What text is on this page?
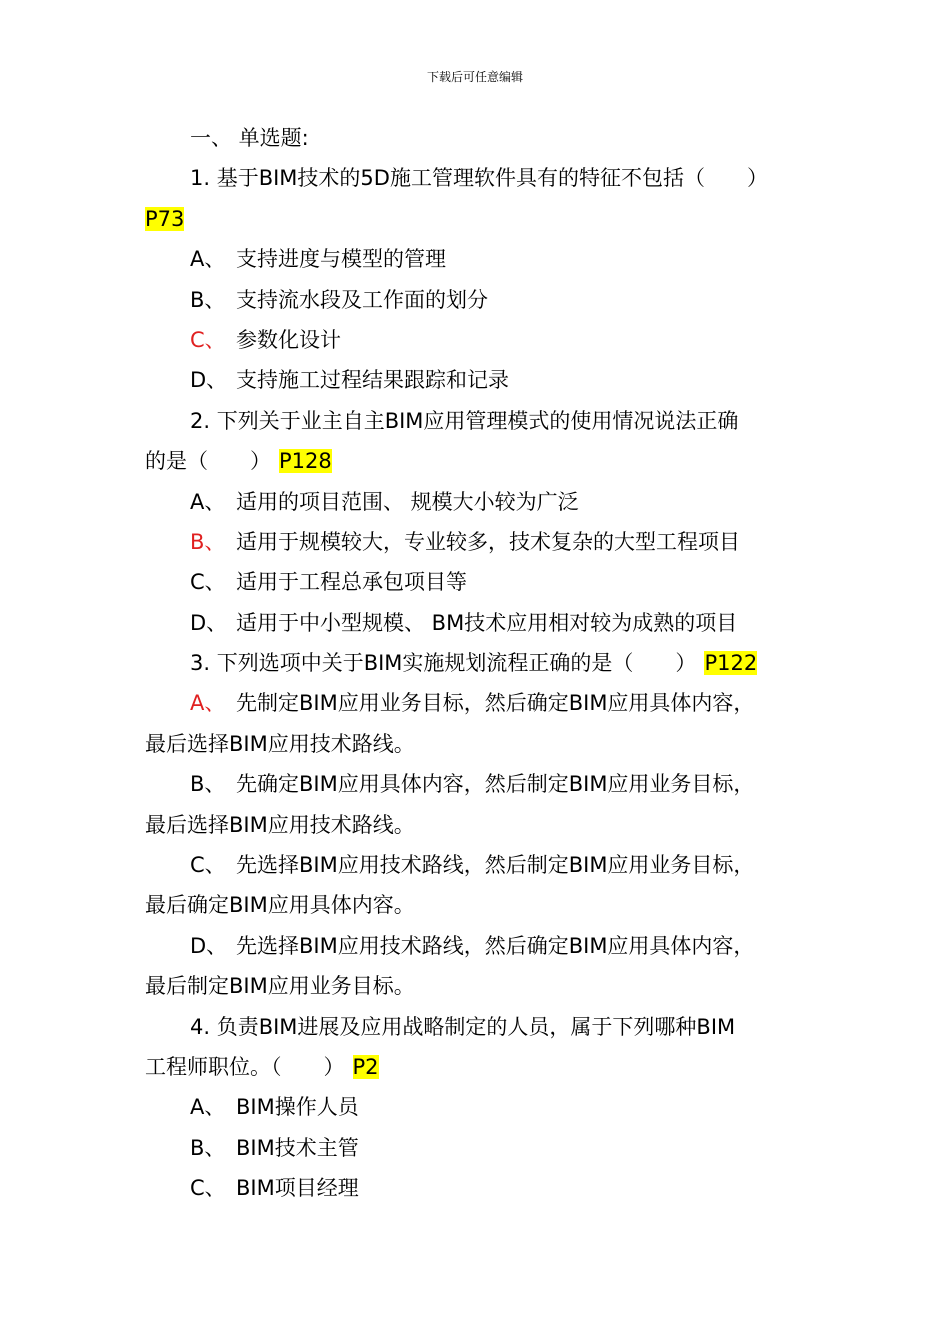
下载后可任意编辑
一、 单选题:
1. 基于BIM技术的5D施工管理软件具有的特征不包括（　　）
P73
A、 支持进度与模型的管理
B、 支持流水段及工作面的划分
C、 参数化设计
D、 支持施工过程结果跟踪和记录
2. 下列关于业主自主BIM应用管理模式的使用情况说法正确
的是（　　） P128
A、 适用的项目范围、 规模大小较为广泛
B、 适用于规模较大，专业较多，技术复杂的大型工程项目
C、 适用于工程总承包项目等
D、 适用于中小型规模、 BM技术应用相对较为成熟的项目
3. 下列选项中关于BIM实施规划流程正确的是（　　） P122
A、 先制定BIM应用业务目标，然后确定BIM应用具体内容，
最后选择BIM应用技术路线。
B、 先确定BIM应用具体内容，然后制定BIM应用业务目标，
最后选择BIM应用技术路线。
C、 先选择BIM应用技术路线，然后制定BIM应用业务目标，
最后确定BIM应用具体内容。
D、 先选择BIM应用技术路线，然后确定BIM应用具体内容，
最后制定BIM应用业务目标。
4. 负责BIM进展及应用战略制定的人员，属于下列哪种BIM
工程师职位。（　　） P2
A、 BIM操作人员
B、 BIM技术主管
C、 BIM项目经理
